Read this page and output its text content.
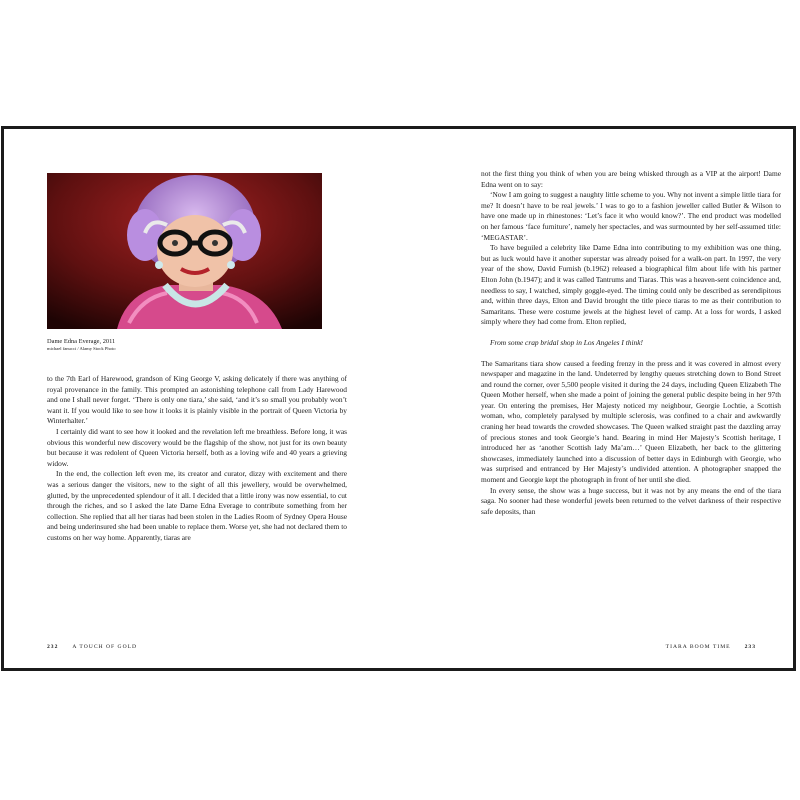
Dame Edna Everage, 2011
michael fanucci / Alamy Stock Photo

to the 7th Earl of Harewood, grandson of King George V, asking delicately if there was anything of royal provenance in the family. This prompted an astonishing telephone call from Lady Harewood and one I shall never forget. ‘There is only one tiara,’ she said, ‘and it’s so small you probably won’t want it. If you would like to see how it looks it is plainly visible in the portrait of Queen Victoria by Winterhalter.’

I certainly did want to see how it looked and the revelation left me breathless. Before long, it was obvious this wonderful new discovery would be the flagship of the show, not just for its own beauty but because it was redolent of Queen Victoria herself, both as a loving wife and 40 years a grieving widow.

In the end, the collection left even me, its creator and curator, dizzy with excitement and there was a serious danger the visitors, new to the sight of all this jewellery, would be overwhelmed, glutted, by the unprecedented splendour of it all. I decided that a little irony was now essential, to cut through the riches, and so I asked the late Dame Edna Everage to contribute something from her collection. She replied that all her tiaras had been stolen in the Ladies Room of Sydney Opera House and being underinsured she had been unable to replace them. Worse yet, she had not declared them to customs on her way home. Apparently, tiaras are

232	A TOUCH OF GOLD

not the first thing you think of when you are being whisked through as a VIP at the airport! Dame Edna went on to say:

‘Now I am going to suggest a naughty little scheme to you. Why not invent a simple little tiara for me? It doesn’t have to be real jewels.’ I was to go to a fashion jeweller called Butler & Wilson to have one made up in rhinestones: ‘Let’s face it who would know?’. The end product was modelled on her famous ‘face furniture’, namely her spectacles, and was surmounted by her self-assumed title: ‘MEGASTAR’.

To have beguiled a celebrity like Dame Edna into contributing to my exhibition was one thing, but as luck would have it another superstar was already poised for a walk-on part. In 1997, the very year of the show, David Furnish (b.1962) released a biographical film about life with his partner Elton John (b.1947); and it was called Tantrums and Tiaras. This was a heaven-sent coincidence and, needless to say, I watched, simply goggle-eyed. The timing could only be described as serendipitous and, within three days, Elton and David brought the title piece tiaras to me as their contribution to Samaritans. These were costume jewels at the highest level of camp. At a loss for words, I asked simply where they had come from. Elton replied,

From some crap bridal shop in Los Angeles I think!

The Samaritans tiara show caused a feeding frenzy in the press and it was covered in almost every newspaper and magazine in the land. Undeterred by lengthy queues stretching down to Bond Street and round the corner, over 5,500 people visited it during the 24 days, including Queen Elizabeth The Queen Mother herself, when she made a point of joining the general public despite being in her 97th year. On entering the premises, Her Majesty noticed my neighbour, Georgie Lochtie, a Scottish woman, who, completely paralysed by multiple sclerosis, was confined to a chair and awkwardly craning her head towards the crowded showcases. The Queen walked straight past the dazzling array of precious stones and took Georgie’s hand. Bearing in mind Her Majesty’s Scottish heritage, I introduced her as ‘another Scottish lady Ma’am…’ Queen Elizabeth, her back to the glittering showcases, immediately launched into a discussion of better days in Edinburgh with Georgie, who was surprised and entranced by Her Majesty’s undivided attention. A photographer snapped the moment and Georgie kept the photograph in front of her until she died.

In every sense, the show was a huge success, but it was not by any means the end of the tiara saga. No sooner had these wonderful jewels been returned to the velvet darkness of their respective safe deposits, than

TIARA BOOM TIME	233
